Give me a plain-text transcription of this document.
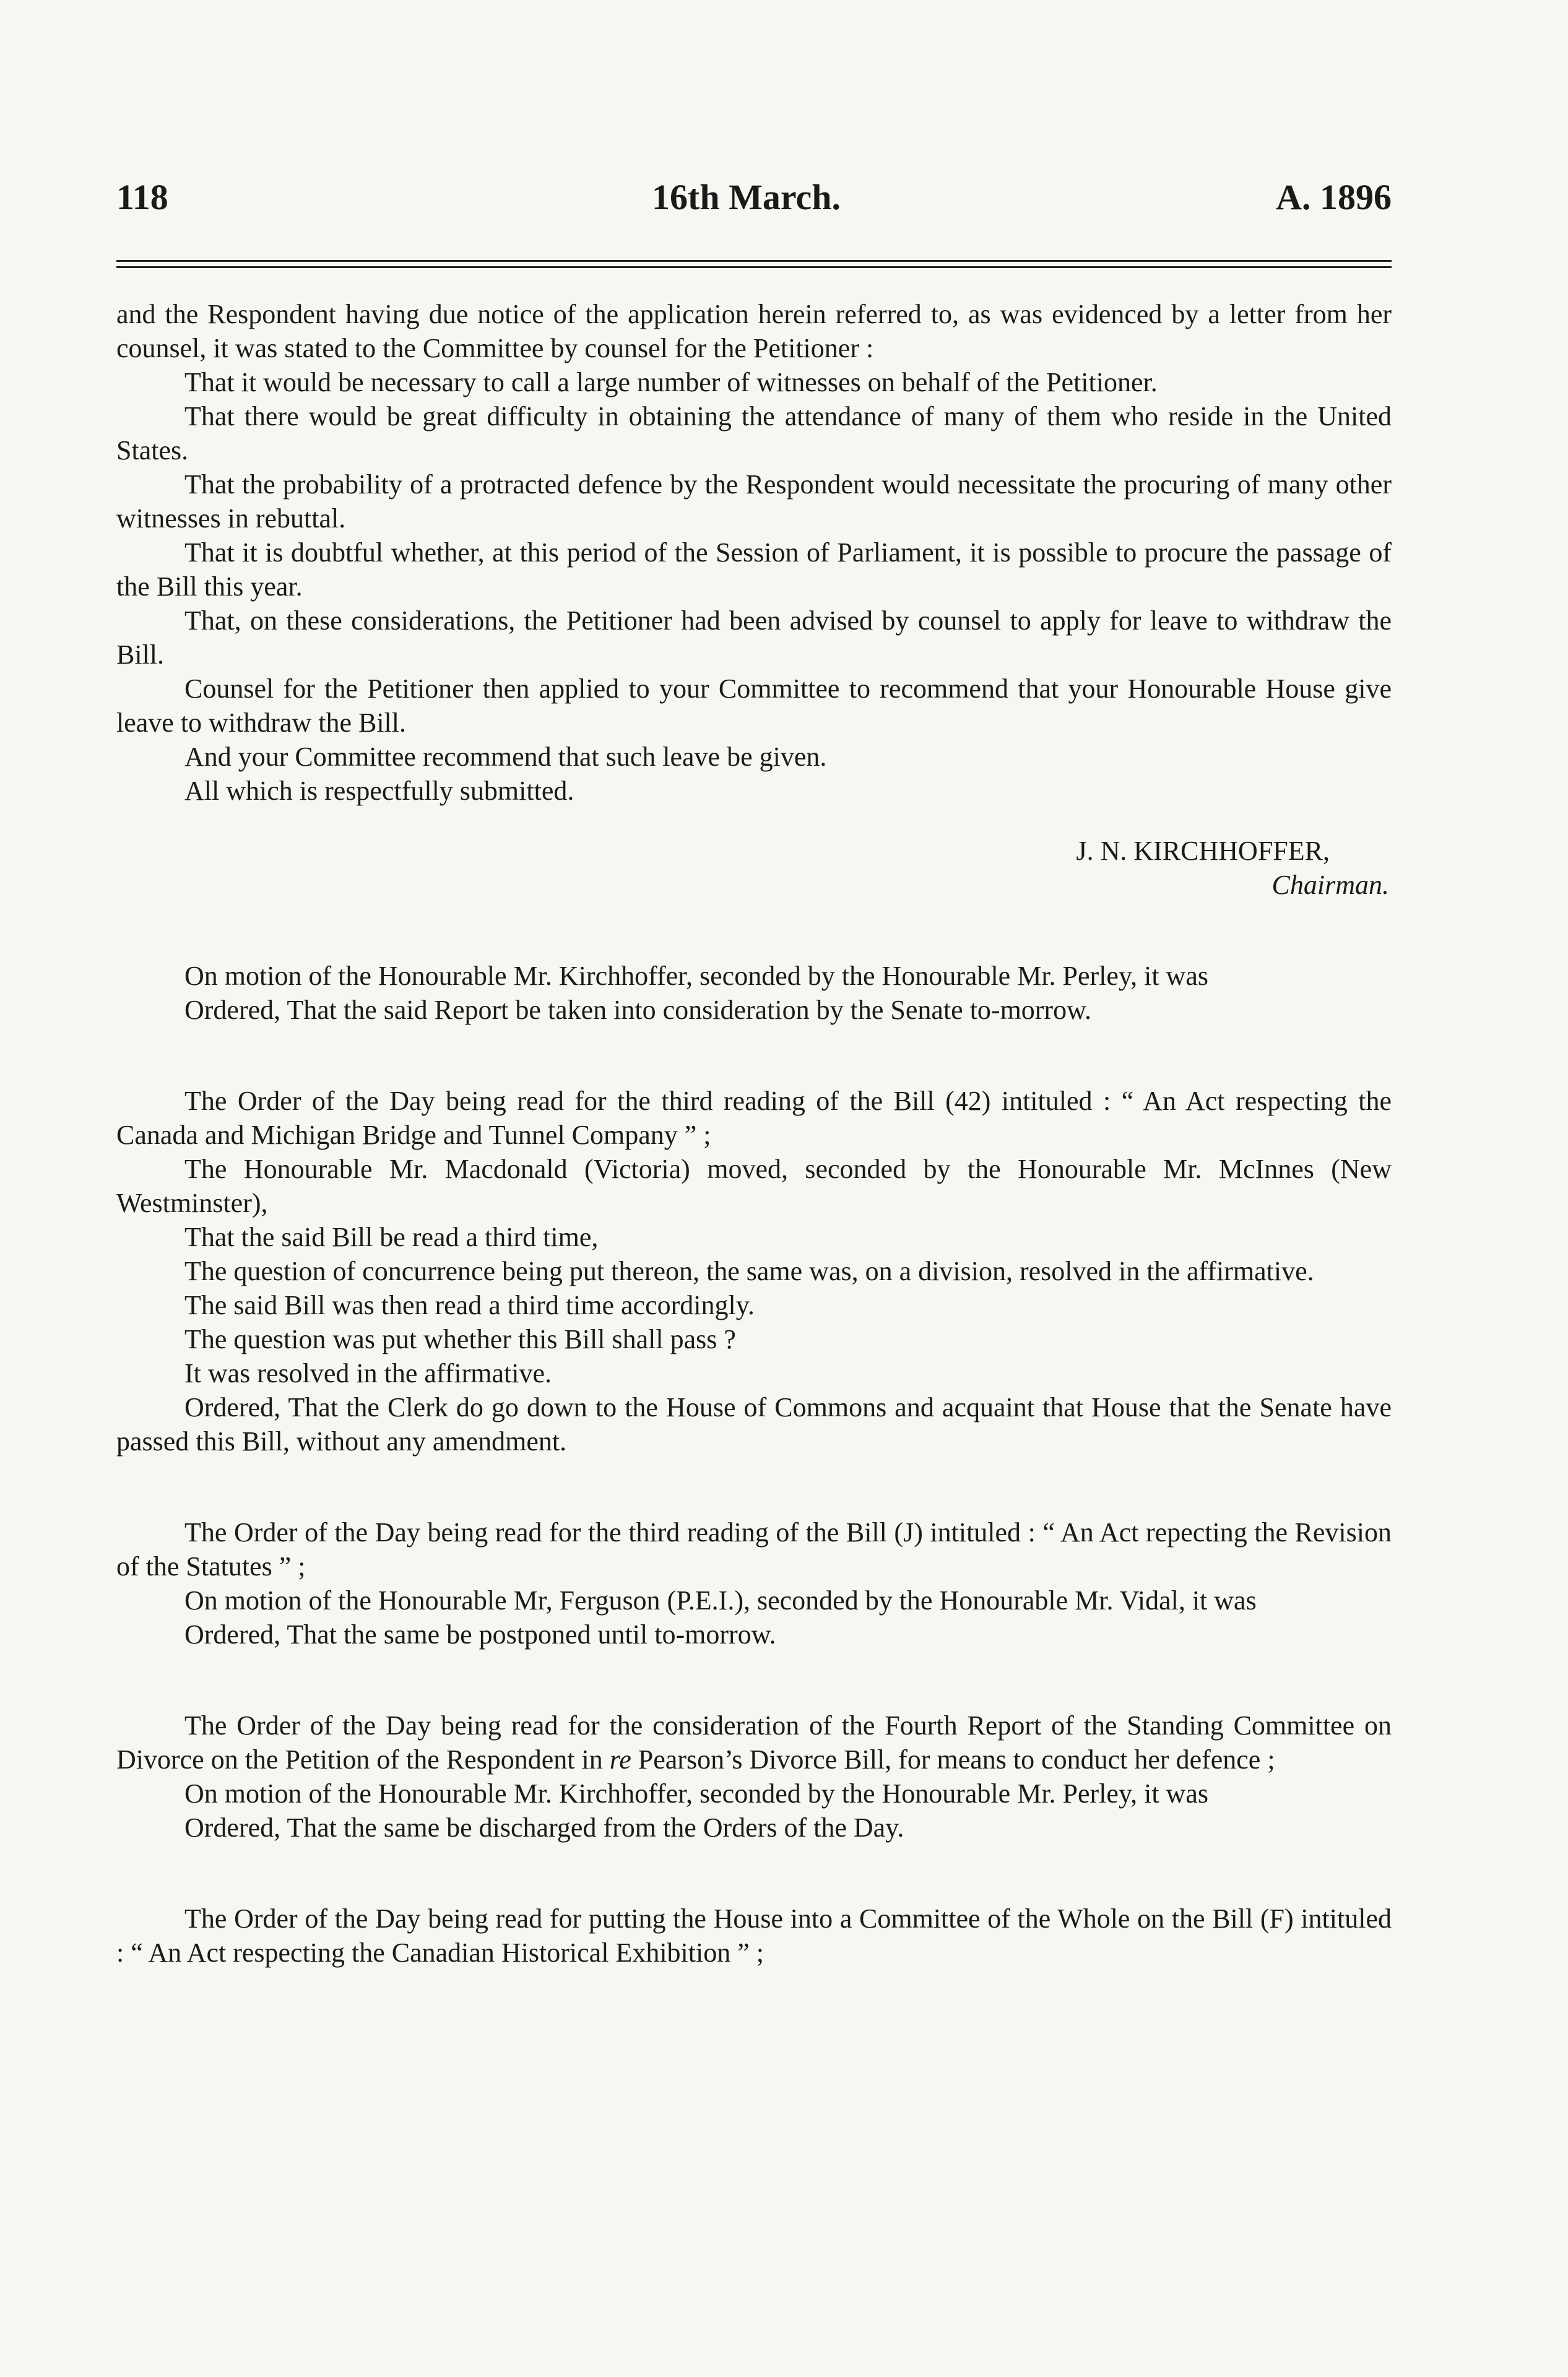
118	16th March.	A. 1896

and the Respondent having due notice of the application herein referred to, as was evidenced by a letter from her counsel, it was stated to the Committee by counsel for the Petitioner :

That it would be necessary to call a large number of witnesses on behalf of the Petitioner.

That there would be great difficulty in obtaining the attendance of many of them who reside in the United States.

That the probability of a protracted defence by the Respondent would necessitate the procuring of many other witnesses in rebuttal.

That it is doubtful whether, at this period of the Session of Parliament, it is possible to procure the passage of the Bill this year.

That, on these considerations, the Petitioner had been advised by counsel to apply for leave to withdraw the Bill.

Counsel for the Petitioner then applied to your Committee to recommend that your Honourable House give leave to withdraw the Bill.

And your Committee recommend that such leave be given.

All which is respectfully submitted.

J. N. KIRCHHOFFER,
Chairman.

On motion of the Honourable Mr. Kirchhoffer, seconded by the Honourable Mr. Perley, it was

Ordered, That the said Report be taken into consideration by the Senate to-morrow.

The Order of the Day being read for the third reading of the Bill (42) intituled : “ An Act respecting the Canada and Michigan Bridge and Tunnel Company ” ;

The Honourable Mr. Macdonald (Victoria) moved, seconded by the Honourable Mr. McInnes (New Westminster),

That the said Bill be read a third time,

The question of concurrence being put thereon, the same was, on a division, resolved in the affirmative.

The said Bill was then read a third time accordingly.

The question was put whether this Bill shall pass ?

It was resolved in the affirmative.

Ordered, That the Clerk do go down to the House of Commons and acquaint that House that the Senate have passed this Bill, without any amendment.

The Order of the Day being read for the third reading of the Bill (J) intituled : “ An Act repecting the Revision of the Statutes ” ;

On motion of the Honourable Mr, Ferguson (P.E.I.), seconded by the Honourable Mr. Vidal, it was

Ordered, That the same be postponed until to-morrow.

The Order of the Day being read for the consideration of the Fourth Report of the Standing Committee on Divorce on the Petition of the Respondent in re Pearson’s Divorce Bill, for means to conduct her defence ;

On motion of the Honourable Mr. Kirchhoffer, seconded by the Honourable Mr. Perley, it was

Ordered, That the same be discharged from the Orders of the Day.

The Order of the Day being read for putting the House into a Committee of the Whole on the Bill (F) intituled : “ An Act respecting the Canadian Historical Exhibition ” ;
